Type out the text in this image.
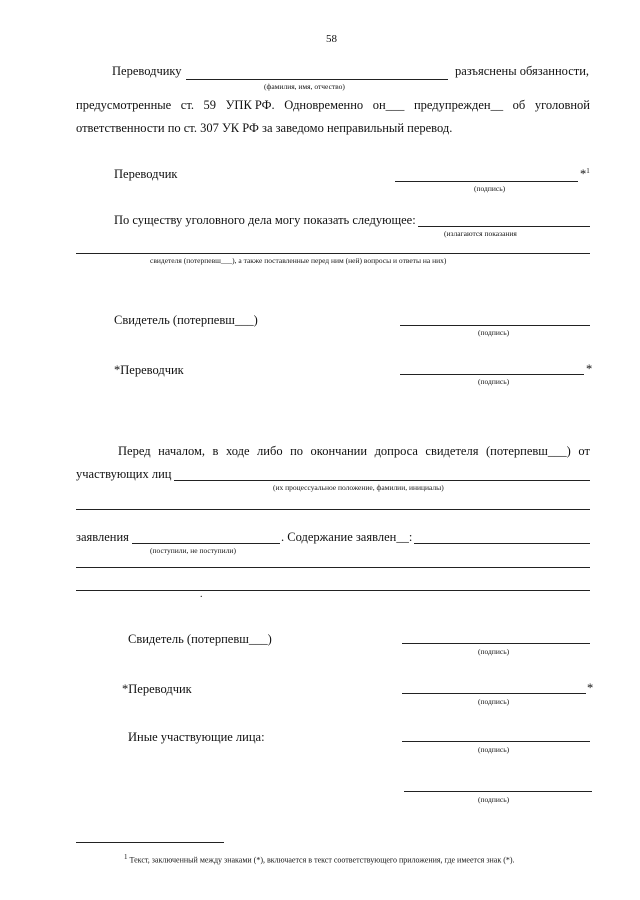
58
Переводчику	разъяснены обязанности,
(фамилия, имя, отчество)
предусмотренные ст. 59 УПК РФ. Одновременно он___ предупрежден__ об уголовной
ответственности по ст. 307 УК РФ за заведомо неправильный перевод.
Переводчик	*$^1$
(подпись)
По существу уголовного дела могу показать следующее:
(излагаются показания
свидетеля (потерпевш___), а также поставленные перед ним (ней) вопросы и ответы на них)
Свидетель (потерпевш___)
(подпись)
*Переводчик	*
(подпись)
Перед началом, в ходе либо по окончании допроса свидетеля (потерпевш___) от
участвующих лиц
(их процессуальное положение, фамилии, инициалы)
заявления	. Содержание заявлен__:
(поступили, не поступили)
.
Свидетель (потерпевш___)
(подпись)
*Переводчик	*
(подпись)
Иные участвующие лица:
(подпись)
(подпись)
1 Текст, заключенный между знаками (*), включается в текст соответствующего приложения, где имеется знак (*).
